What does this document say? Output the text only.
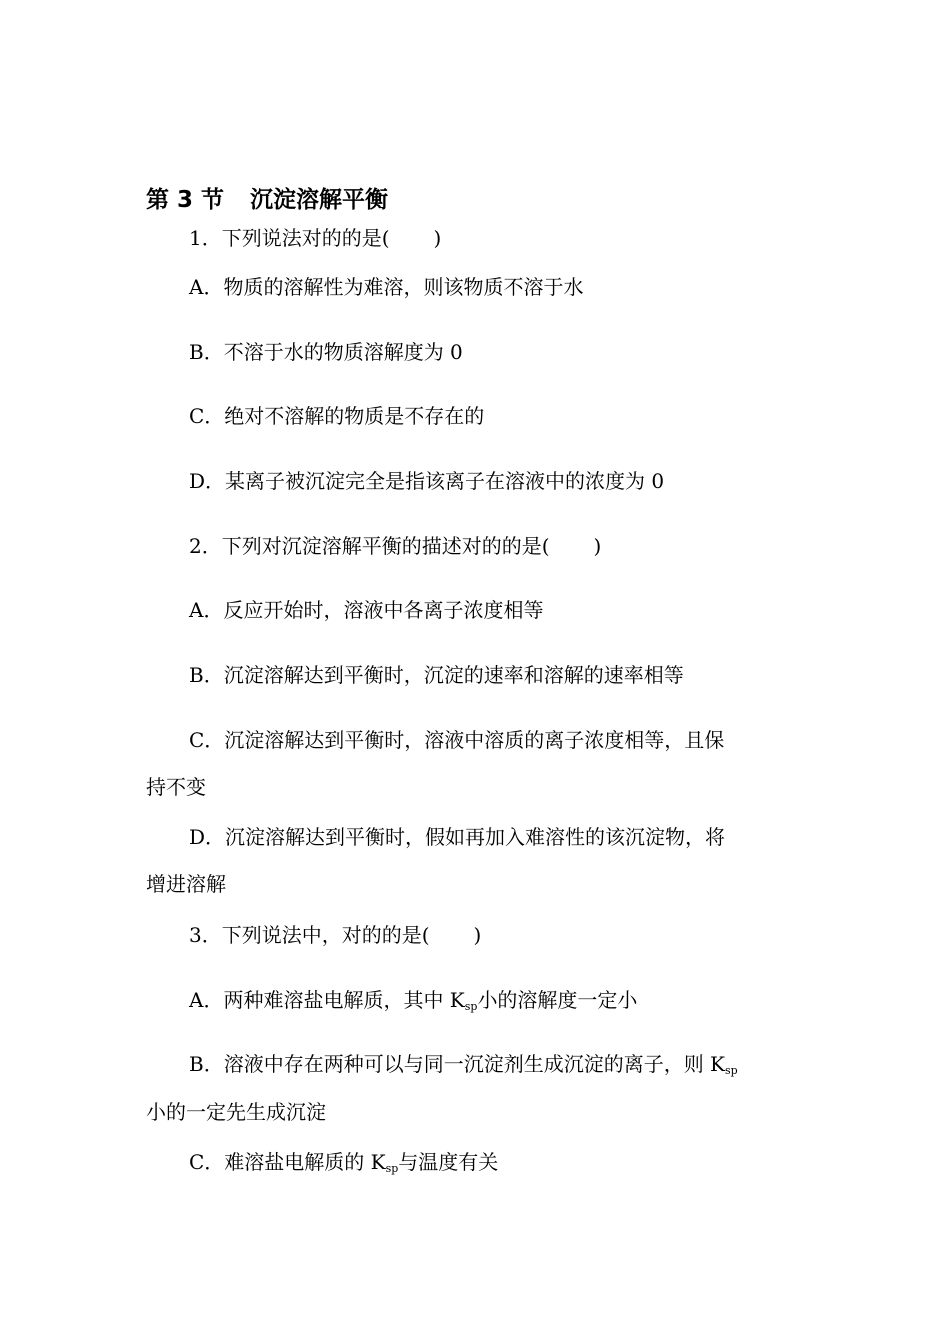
第 3 节 沉淀溶解平衡
1．下列说法对的的是( )
A．物质的溶解性为难溶，则该物质不溶于水
B．不溶于水的物质溶解度为 0
C．绝对不溶解的物质是不存在的
D．某离子被沉淀完全是指该离子在溶液中的浓度为 0
2．下列对沉淀溶解平衡的描述对的的是( )
A．反应开始时，溶液中各离子浓度相等
B．沉淀溶解达到平衡时，沉淀的速率和溶解的速率相等
C．沉淀溶解达到平衡时，溶液中溶质的离子浓度相等，且保
持不变
D．沉淀溶解达到平衡时，假如再加入难溶性的该沉淀物，将
增进溶解
3．下列说法中，对的的是( )
A．两种难溶盐电解质，其中 $K_{sp}$小的溶解度一定小
B．溶液中存在两种可以与同一沉淀剂生成沉淀的离子，则 $K_{sp}$
小的一定先生成沉淀
C．难溶盐电解质的 $K_{sp}$与温度有关
